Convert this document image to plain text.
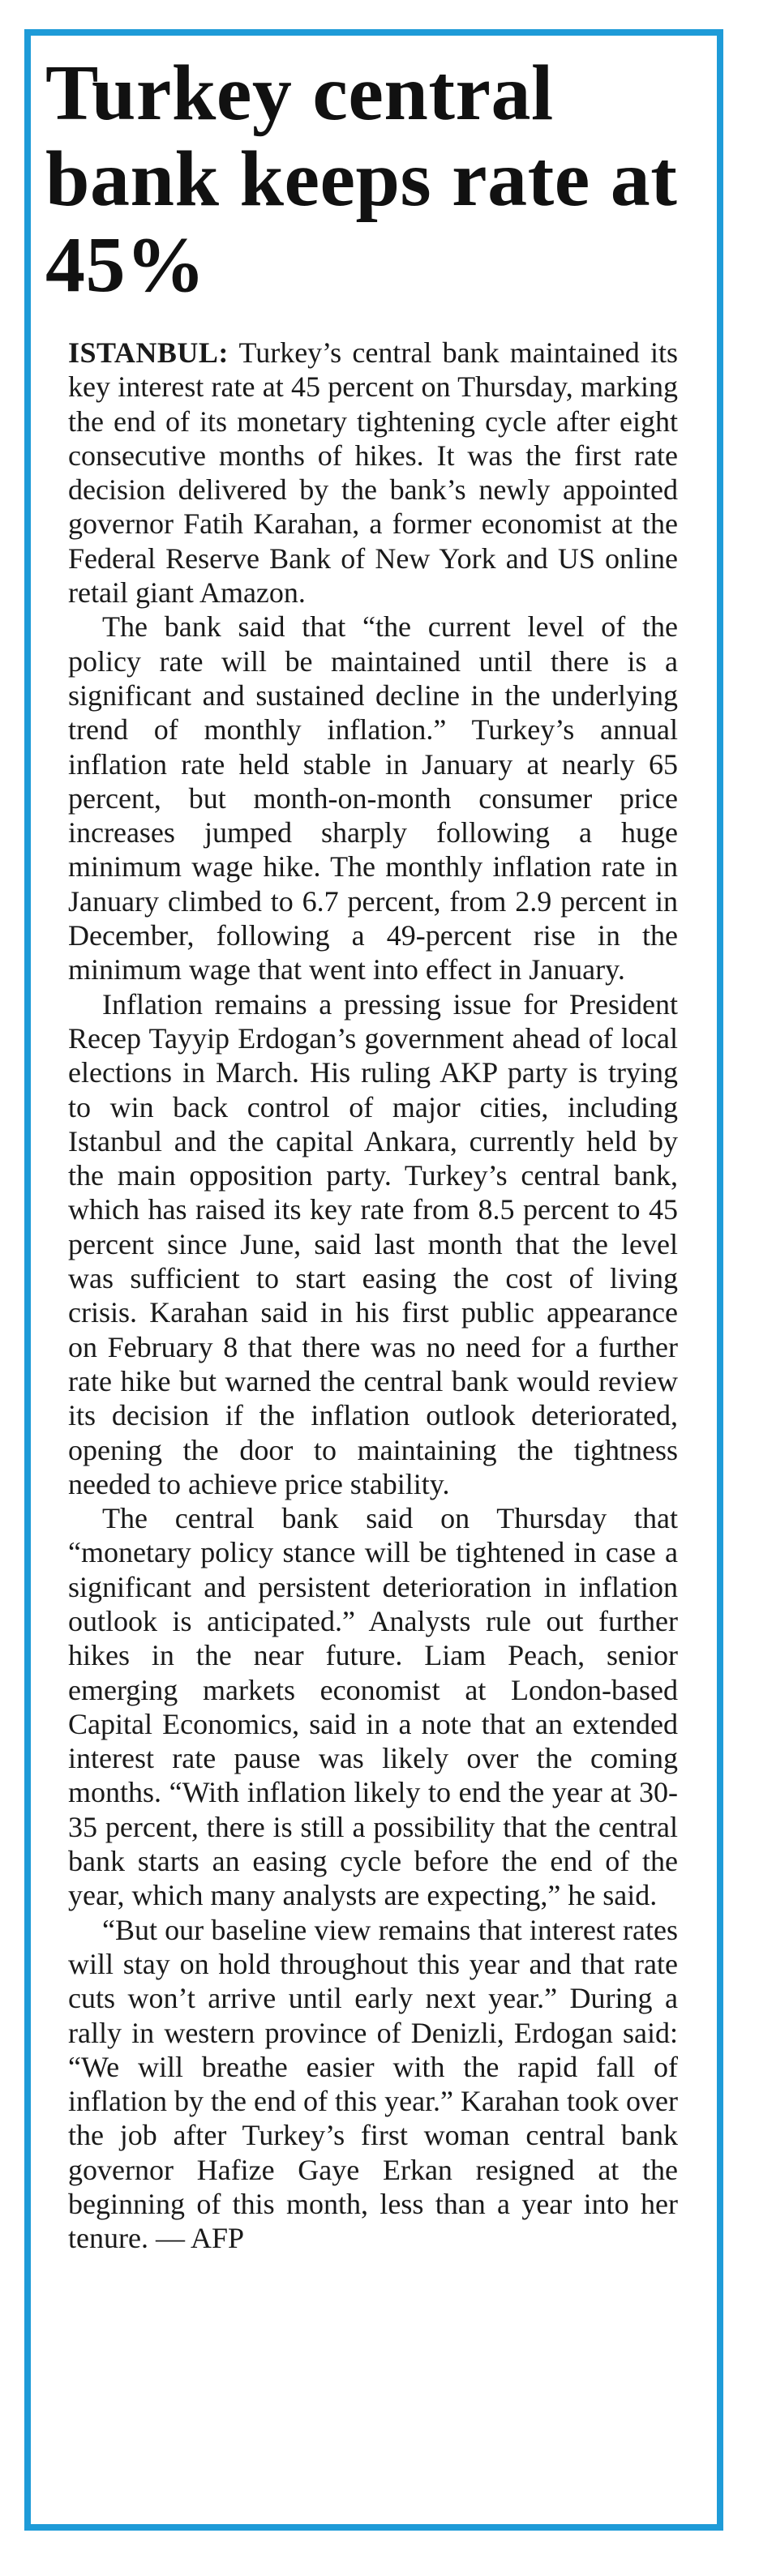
Turkey central bank keeps rate at 45%

ISTANBUL: Turkey’s central bank maintained its key interest rate at 45 percent on Thursday, marking the end of its monetary tightening cycle after eight consecutive months of hikes. It was the first rate decision delivered by the bank’s newly appointed governor Fatih Karahan, a former economist at the Federal Reserve Bank of New York and US online retail giant Amazon.

The bank said that “the current level of the policy rate will be maintained until there is a significant and sustained decline in the underlying trend of monthly inflation.” Turkey’s annual inflation rate held stable in January at nearly 65 percent, but month-on-month consumer price increases jumped sharply following a huge minimum wage hike. The monthly inflation rate in January climbed to 6.7 percent, from 2.9 percent in December, following a 49-percent rise in the minimum wage that went into effect in January.

Inflation remains a pressing issue for President Recep Tayyip Erdogan’s government ahead of local elections in March. His ruling AKP party is trying to win back control of major cities, including Istanbul and the capital Ankara, currently held by the main opposition party. Turkey’s central bank, which has raised its key rate from 8.5 percent to 45 percent since June, said last month that the level was sufficient to start easing the cost of living crisis. Karahan said in his first public appearance on February 8 that there was no need for a further rate hike but warned the central bank would review its decision if the inflation outlook deteriorated, opening the door to maintaining the tightness needed to achieve price stability.

The central bank said on Thursday that “monetary policy stance will be tightened in case a significant and persistent deterioration in inflation outlook is anticipated.” Analysts rule out further hikes in the near future. Liam Peach, senior emerging markets economist at London-based Capital Economics, said in a note that an extended interest rate pause was likely over the coming months. “With inflation likely to end the year at 30-35 percent, there is still a possibility that the central bank starts an easing cycle before the end of the year, which many analysts are expecting,” he said.

“But our baseline view remains that interest rates will stay on hold throughout this year and that rate cuts won’t arrive until early next year.” During a rally in western province of Denizli, Erdogan said: “We will breathe easier with the rapid fall of inflation by the end of this year.” Karahan took over the job after Turkey’s first woman central bank governor Hafize Gaye Erkan resigned at the beginning of this month, less than a year into her tenure. — AFP
